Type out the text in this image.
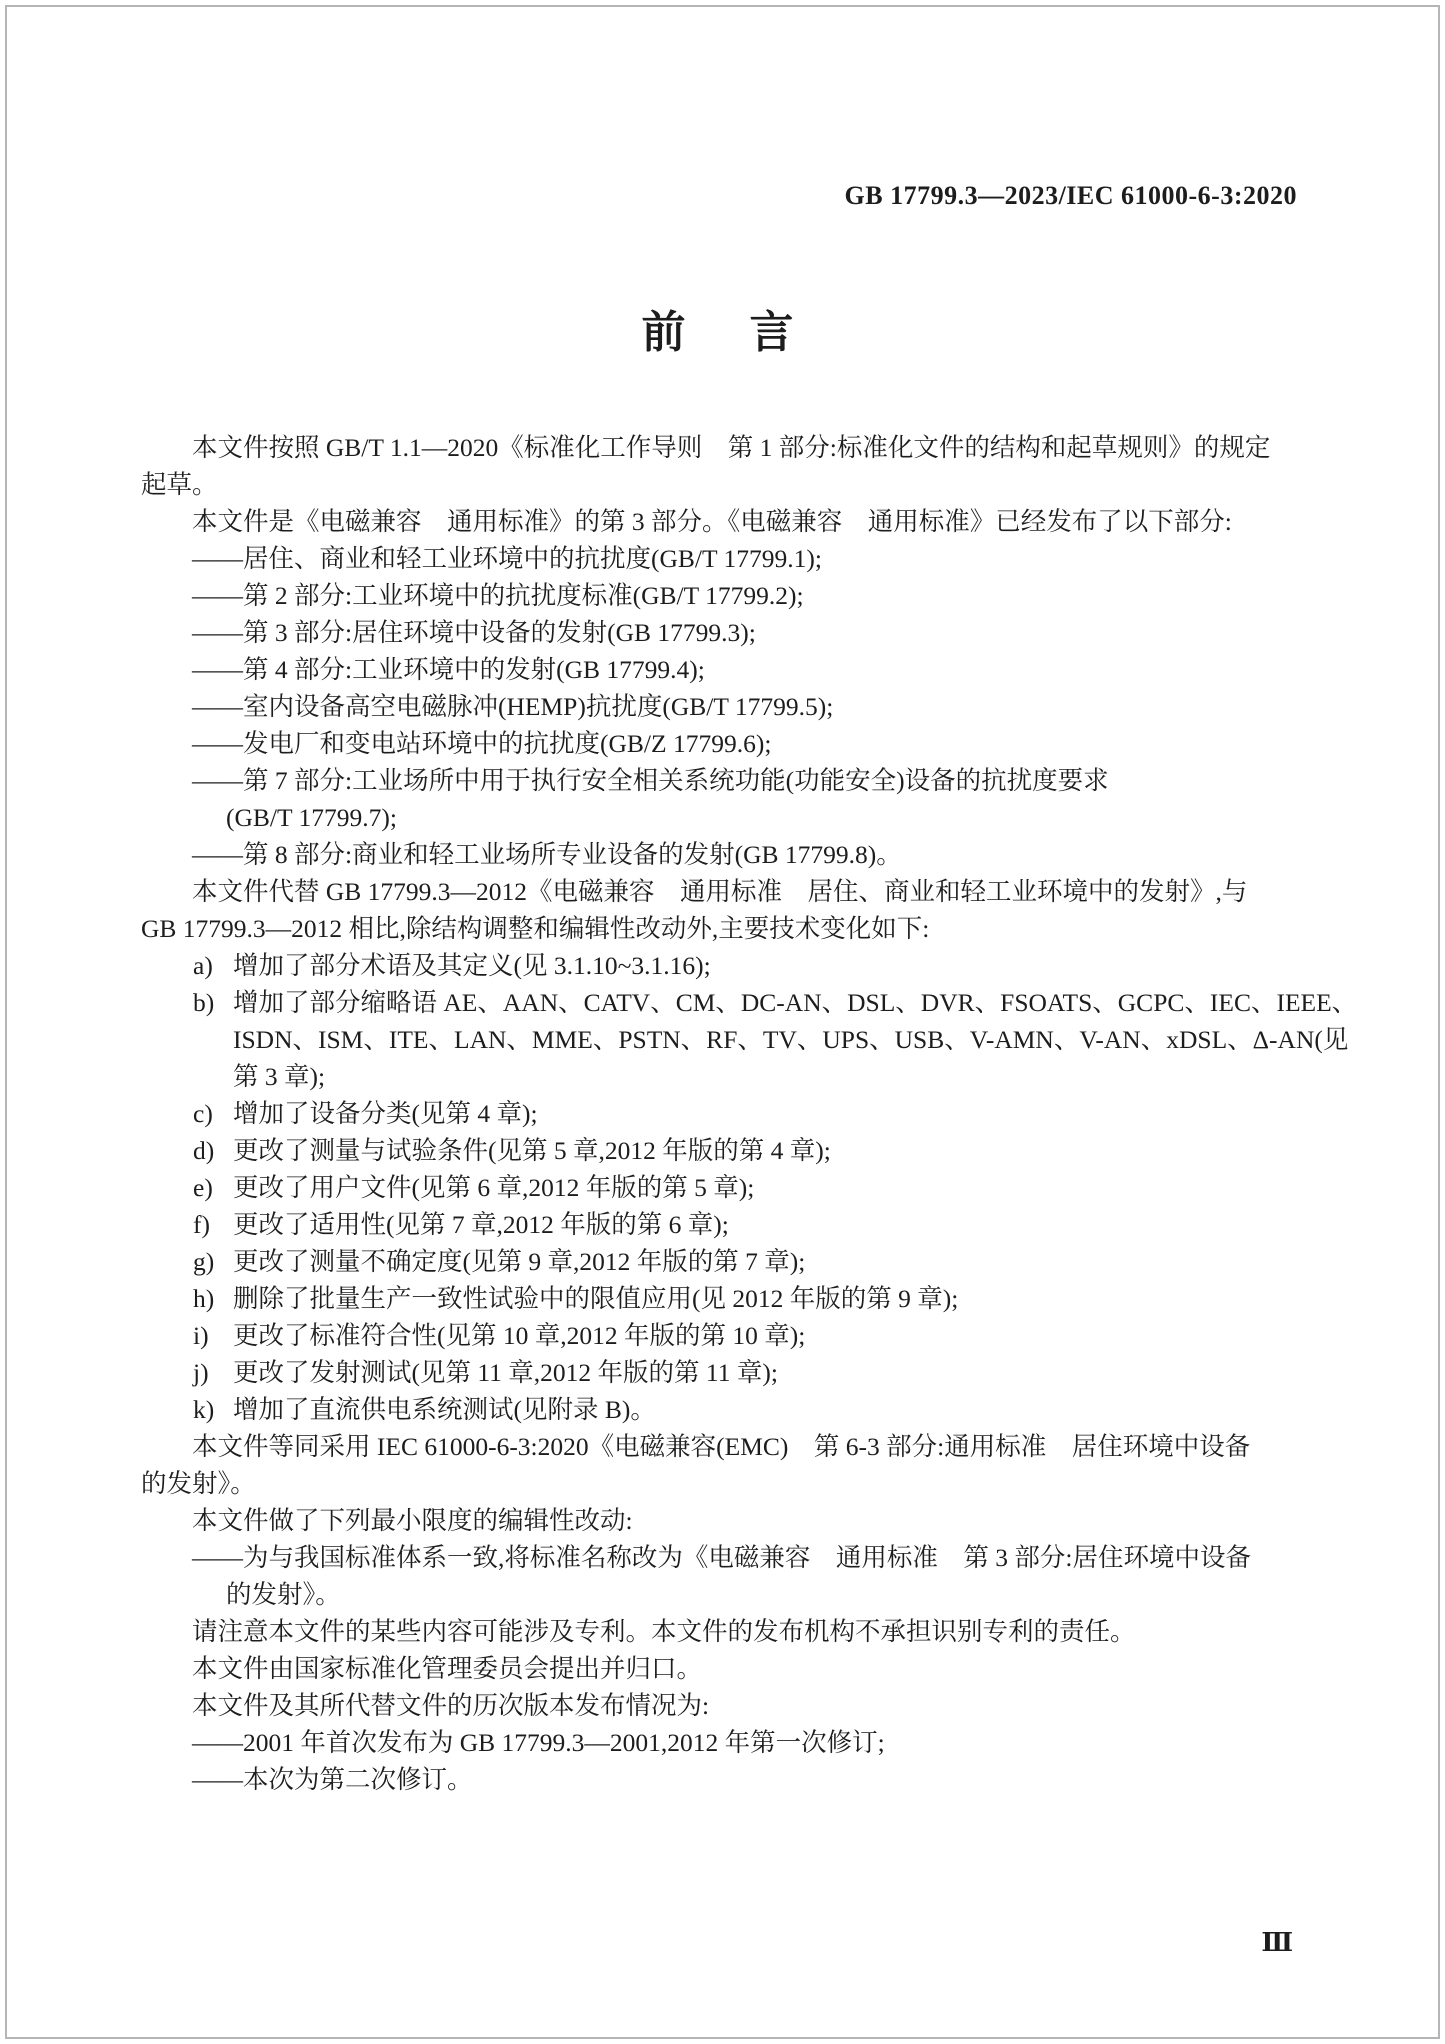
GB 17799.3—2023/IEC 61000-6-3:2020
前　言
本文件按照 GB/T 1.1—2020《标准化工作导则　第 1 部分:标准化文件的结构和起草规则》的规定
起草。
本文件是《电磁兼容　通用标准》的第 3 部分。《电磁兼容　通用标准》已经发布了以下部分:
——居住、商业和轻工业环境中的抗扰度(GB/T 17799.1);
——第 2 部分:工业环境中的抗扰度标准(GB/T 17799.2);
——第 3 部分:居住环境中设备的发射(GB 17799.3);
——第 4 部分:工业环境中的发射(GB 17799.4);
——室内设备高空电磁脉冲(HEMP)抗扰度(GB/T 17799.5);
——发电厂和变电站环境中的抗扰度(GB/Z 17799.6);
——第 7 部分:工业场所中用于执行安全相关系统功能(功能安全)设备的抗扰度要求
(GB/T 17799.7);
——第 8 部分:商业和轻工业场所专业设备的发射(GB 17799.8)。
本文件代替 GB 17799.3—2012《电磁兼容　通用标准　居住、商业和轻工业环境中的发射》,与
GB 17799.3—2012 相比,除结构调整和编辑性改动外,主要技术变化如下:
a) 增加了部分术语及其定义(见 3.1.10~3.1.16);
b) 增加了部分缩略语 AE、AAN、CATV、CM、DC-AN、DSL、DVR、FSOATS、GCPC、IEC、IEEE、
ISDN、ISM、ITE、LAN、MME、PSTN、RF、TV、UPS、USB、V-AMN、V-AN、xDSL、Δ-AN(见
第 3 章);
c) 增加了设备分类(见第 4 章);
d) 更改了测量与试验条件(见第 5 章,2012 年版的第 4 章);
e) 更改了用户文件(见第 6 章,2012 年版的第 5 章);
f) 更改了适用性(见第 7 章,2012 年版的第 6 章);
g) 更改了测量不确定度(见第 9 章,2012 年版的第 7 章);
h) 删除了批量生产一致性试验中的限值应用(见 2012 年版的第 9 章);
i) 更改了标准符合性(见第 10 章,2012 年版的第 10 章);
j) 更改了发射测试(见第 11 章,2012 年版的第 11 章);
k) 增加了直流供电系统测试(见附录 B)。
本文件等同采用 IEC 61000-6-3:2020《电磁兼容(EMC)　第 6-3 部分:通用标准　居住环境中设备
的发射》。
本文件做了下列最小限度的编辑性改动:
——为与我国标准体系一致,将标准名称改为《电磁兼容　通用标准　第 3 部分:居住环境中设备
的发射》。
请注意本文件的某些内容可能涉及专利。本文件的发布机构不承担识别专利的责任。
本文件由国家标准化管理委员会提出并归口。
本文件及其所代替文件的历次版本发布情况为:
——2001 年首次发布为 GB 17799.3—2001,2012 年第一次修订;
——本次为第二次修订。
Ⅲ
